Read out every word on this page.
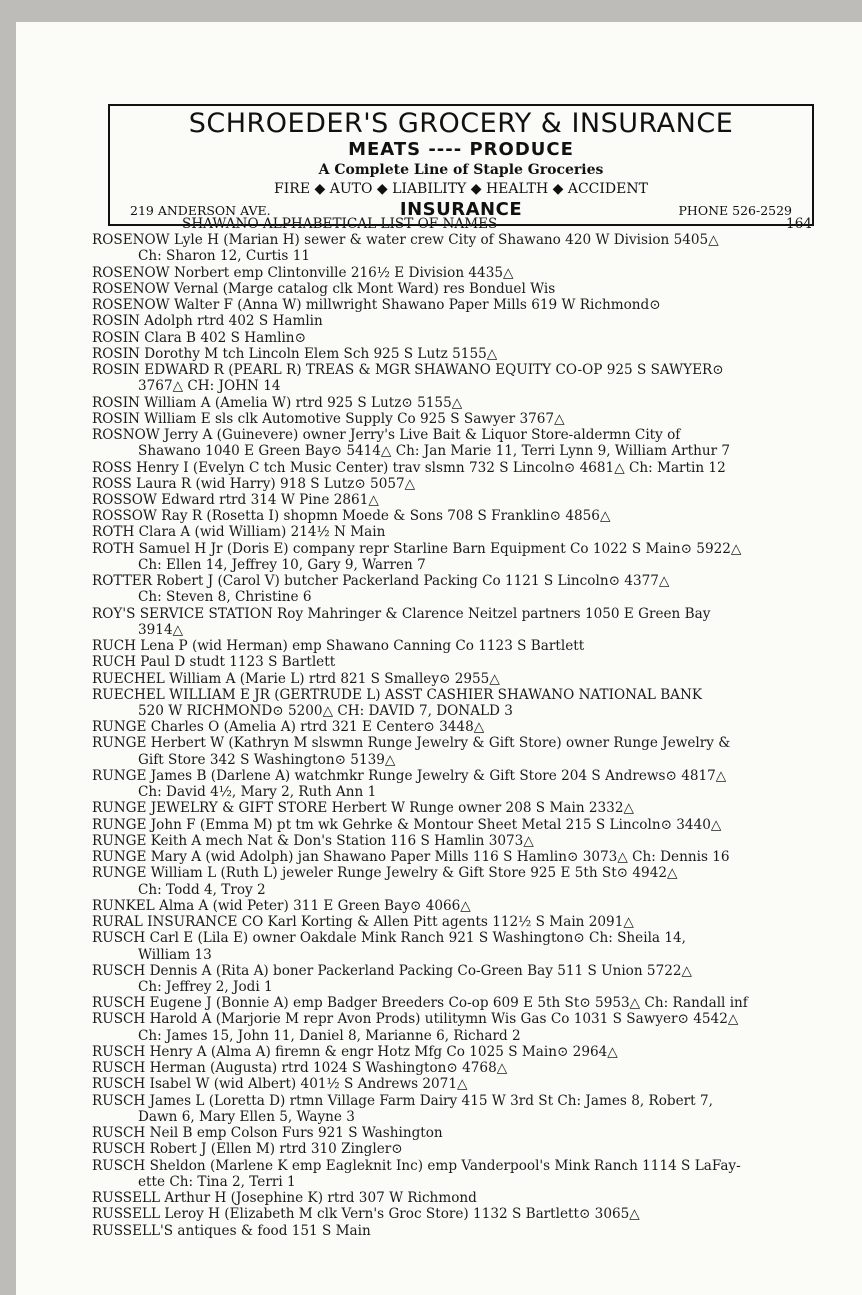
SCHROEDER'S GROCERY & INSURANCE
MEATS ---- PRODUCE
A Complete Line of Staple Groceries
FIRE ◆ AUTO ◆ LIABILITY ◆ HEALTH ◆ ACCIDENT
219 ANDERSON AVE.	INSURANCE	PHONE 526-2529
SHAWANO ALPHABETICAL LIST OF NAMES	164
ROSENOW Lyle H (Marian H) sewer & water crew City of Shawano 420 W Division 5405△
Ch: Sharon 12, Curtis 11
ROSENOW Norbert emp Clintonville 216½ E Division 4435△
ROSENOW Vernal (Marge catalog clk Mont Ward) res Bonduel Wis
ROSENOW Walter F (Anna W) millwright Shawano Paper Mills 619 W Richmond⊙
ROSIN Adolph rtrd 402 S Hamlin
ROSIN Clara B 402 S Hamlin⊙
ROSIN Dorothy M tch Lincoln Elem Sch 925 S Lutz 5155△
ROSIN EDWARD R (PEARL R) TREAS & MGR SHAWANO EQUITY CO-OP 925 S SAWYER⊙
3767△ CH: JOHN 14
ROSIN William A (Amelia W) rtrd 925 S Lutz⊙ 5155△
ROSIN William E sls clk Automotive Supply Co 925 S Sawyer 3767△
ROSNOW Jerry A (Guinevere) owner Jerry's Live Bait & Liquor Store-aldermn City of
Shawano 1040 E Green Bay⊙ 5414△ Ch: Jan Marie 11, Terri Lynn 9, William Arthur 7
ROSS Henry I (Evelyn C tch Music Center) trav slsmn 732 S Lincoln⊙ 4681△ Ch: Martin 12
ROSS Laura R (wid Harry) 918 S Lutz⊙ 5057△
ROSSOW Edward rtrd 314 W Pine 2861△
ROSSOW Ray R (Rosetta I) shopmn Moede & Sons 708 S Franklin⊙ 4856△
ROTH Clara A (wid William) 214½ N Main
ROTH Samuel H Jr (Doris E) company repr Starline Barn Equipment Co 1022 S Main⊙ 5922△
Ch: Ellen 14, Jeffrey 10, Gary 9, Warren 7
ROTTER Robert J (Carol V) butcher Packerland Packing Co 1121 S Lincoln⊙ 4377△
Ch: Steven 8, Christine 6
ROY'S SERVICE STATION Roy Mahringer & Clarence Neitzel partners 1050 E Green Bay
3914△
RUCH Lena P (wid Herman) emp Shawano Canning Co 1123 S Bartlett
RUCH Paul D studt 1123 S Bartlett
RUECHEL William A (Marie L) rtrd 821 S Smalley⊙ 2955△
RUECHEL WILLIAM E JR (GERTRUDE L) ASST CASHIER SHAWANO NATIONAL BANK
520 W RICHMOND⊙ 5200△ CH: DAVID 7, DONALD 3
RUNGE Charles O (Amelia A) rtrd 321 E Center⊙ 3448△
RUNGE Herbert W (Kathryn M slswmn Runge Jewelry & Gift Store) owner Runge Jewelry &
Gift Store 342 S Washington⊙ 5139△
RUNGE James B (Darlene A) watchmkr Runge Jewelry & Gift Store 204 S Andrews⊙ 4817△
Ch: David 4½, Mary 2, Ruth Ann 1
RUNGE JEWELRY & GIFT STORE Herbert W Runge owner 208 S Main 2332△
RUNGE John F (Emma M) pt tm wk Gehrke & Montour Sheet Metal 215 S Lincoln⊙ 3440△
RUNGE Keith A mech Nat & Don's Station 116 S Hamlin 3073△
RUNGE Mary A (wid Adolph) jan Shawano Paper Mills 116 S Hamlin⊙ 3073△ Ch: Dennis 16
RUNGE William L (Ruth L) jeweler Runge Jewelry & Gift Store 925 E 5th St⊙ 4942△
Ch: Todd 4, Troy 2
RUNKEL Alma A (wid Peter) 311 E Green Bay⊙ 4066△
RURAL INSURANCE CO Karl Korting & Allen Pitt agents 112½ S Main 2091△
RUSCH Carl E (Lila E) owner Oakdale Mink Ranch 921 S Washington⊙ Ch: Sheila 14,
William 13
RUSCH Dennis A (Rita A) boner Packerland Packing Co-Green Bay 511 S Union 5722△
Ch: Jeffrey 2, Jodi 1
RUSCH Eugene J (Bonnie A) emp Badger Breeders Co-op 609 E 5th St⊙ 5953△ Ch: Randall inf
RUSCH Harold A (Marjorie M repr Avon Prods) utilitymn Wis Gas Co 1031 S Sawyer⊙ 4542△
Ch: James 15, John 11, Daniel 8, Marianne 6, Richard 2
RUSCH Henry A (Alma A) firemn & engr Hotz Mfg Co 1025 S Main⊙ 2964△
RUSCH Herman (Augusta) rtrd 1024 S Washington⊙ 4768△
RUSCH Isabel W (wid Albert) 401½ S Andrews 2071△
RUSCH James L (Loretta D) rtmn Village Farm Dairy 415 W 3rd St Ch: James 8, Robert 7,
Dawn 6, Mary Ellen 5, Wayne 3
RUSCH Neil B emp Colson Furs 921 S Washington
RUSCH Robert J (Ellen M) rtrd 310 Zingler⊙
RUSCH Sheldon (Marlene K emp Eagleknit Inc) emp Vanderpool's Mink Ranch 1114 S LaFay-
ette Ch: Tina 2, Terri 1
RUSSELL Arthur H (Josephine K) rtrd 307 W Richmond
RUSSELL Leroy H (Elizabeth M clk Vern's Groc Store) 1132 S Bartlett⊙ 3065△
RUSSELL'S antiques & food 151 S Main
